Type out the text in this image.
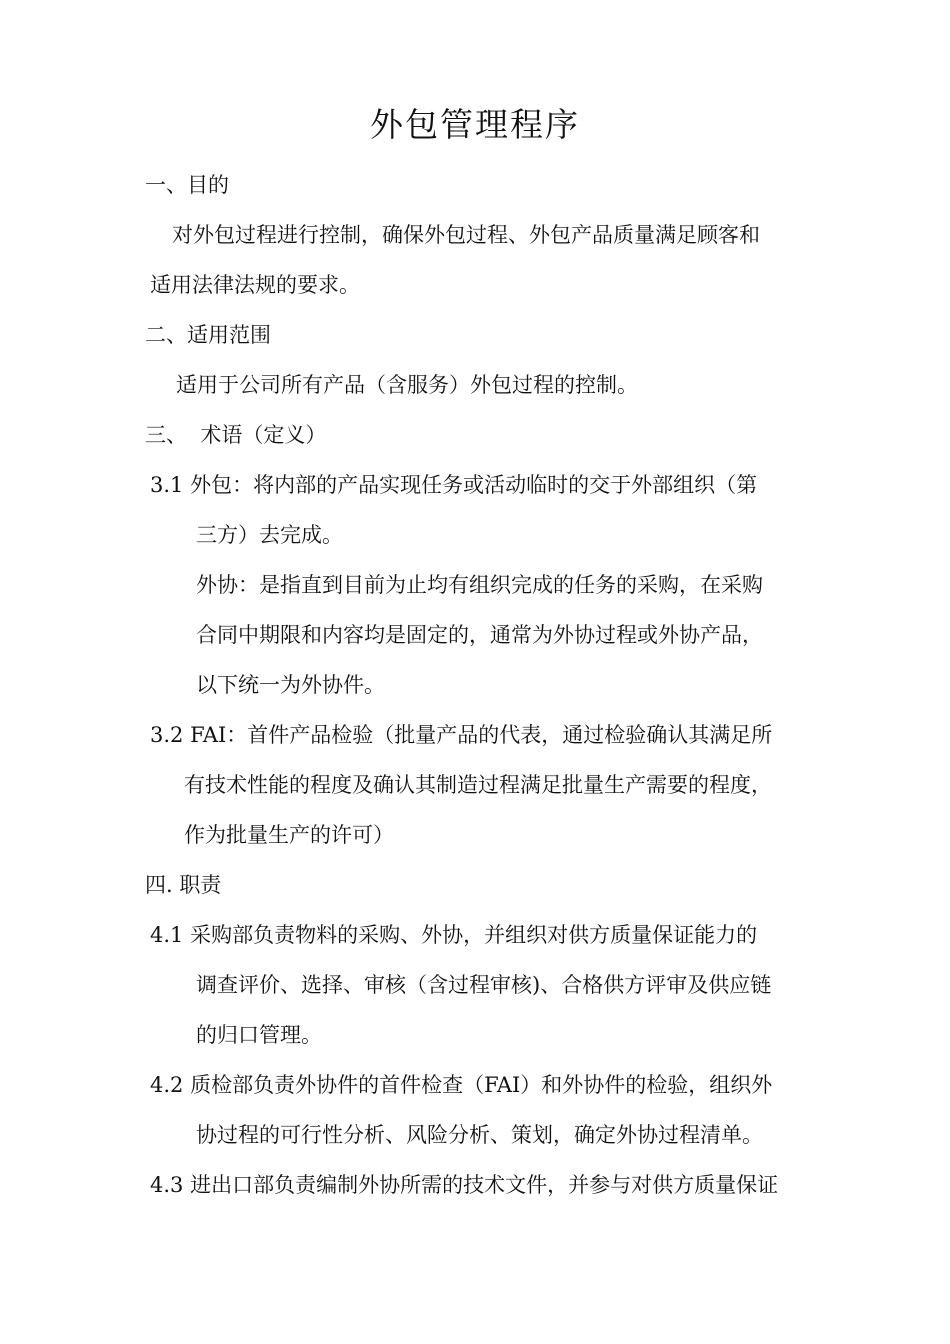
外包管理程序

一、目的

对外包过程进行控制，确保外包过程、外包产品质量满足顾客和

适用法律法规的要求。

二、适用范围

适用于公司所有产品（含服务）外包过程的控制。

三、  术语（定义）

3.1 外包：将内部的产品实现任务或活动临时的交于外部组织（第

三方）去完成。

外协：是指直到目前为止均有组织完成的任务的采购，在采购

合同中期限和内容均是固定的，通常为外协过程或外协产品，

以下统一为外协件。

3.2 FAI：首件产品检验（批量产品的代表，通过检验确认其满足所

有技术性能的程度及确认其制造过程满足批量生产需要的程度，

作为批量生产的许可）

四. 职责

4.1 采购部负责物料的采购、外协，并组织对供方质量保证能力的

调查评价、选择、审核（含过程审核)、合格供方评审及供应链

的归口管理。

4.2 质检部负责外协件的首件检查（FAI）和外协件的检验，组织外

协过程的可行性分析、风险分析、策划，确定外协过程清单。

4.3 进出口部负责编制外协所需的技术文件，并参与对供方质量保证
